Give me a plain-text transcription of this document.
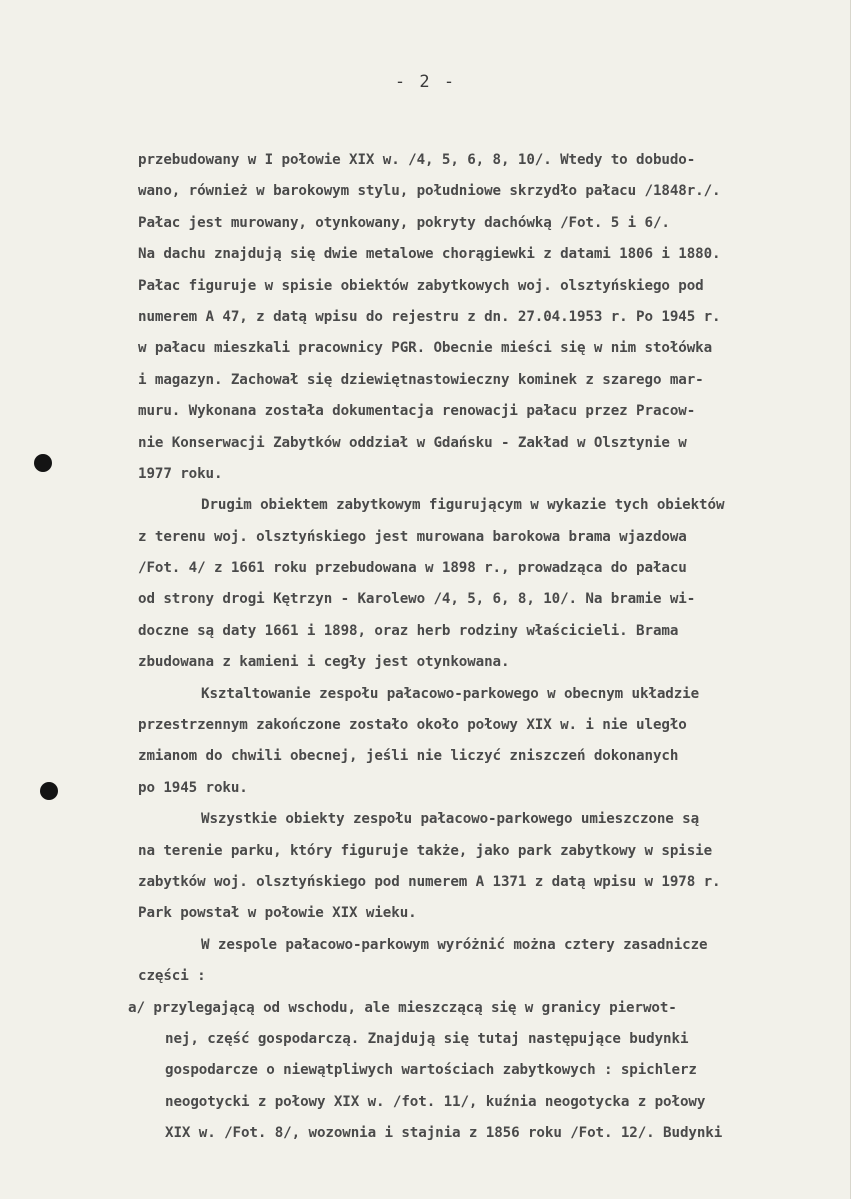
- 2 -
przebudowany w I połowie XIX w. /4, 5, 6, 8, 10/. Wtedy to dobudo-
wano, również w barokowym stylu, południowe skrzydło pałacu /1848r./.
Pałac jest murowany, otynkowany, pokryty dachówką /Fot. 5 i 6/.
Na dachu znajdują się dwie metalowe chorągiewki z datami 1806 i 1880.
Pałac figuruje w spisie obiektów zabytkowych woj. olsztyńskiego pod
numerem A 47, z datą wpisu do rejestru z dn. 27.04.1953 r. Po 1945 r.
w pałacu mieszkali pracownicy PGR. Obecnie mieści się w nim stołówka
i magazyn. Zachował się dziewiętnastowieczny kominek z szarego mar-
muru. Wykonana została dokumentacja renowacji pałacu przez Pracow-
nie Konserwacji Zabytków oddział w Gdańsku - Zakład w Olsztynie w
1977 roku.
Drugim obiektem zabytkowym figurującym w wykazie tych obiektów
z terenu woj. olsztyńskiego jest murowana barokowa brama wjazdowa
/Fot. 4/ z 1661 roku przebudowana w 1898 r., prowadząca do pałacu
od strony drogi Kętrzyn - Karolewo /4, 5, 6, 8, 10/. Na bramie wi-
doczne są daty 1661 i 1898, oraz herb rodziny właścicieli. Brama
zbudowana z kamieni i cegły jest otynkowana.
Ksztaltowanie zespołu pałacowo-parkowego w obecnym układzie
przestrzennym zakończone zostało około połowy XIX w. i nie uległo
zmianom do chwili obecnej, jeśli nie liczyć zniszczeń dokonanych
po 1945 roku.
Wszystkie obiekty zespołu pałacowo-parkowego umieszczone są
na terenie parku, który figuruje także, jako park zabytkowy w spisie
zabytków woj. olsztyńskiego pod numerem A 1371 z datą wpisu w 1978 r.
Park powstał w połowie XIX wieku.
W zespole pałacowo-parkowym wyróżnić można cztery zasadnicze
części :
a/ przylegającą od wschodu, ale mieszczącą się w granicy pierwot-
nej, część gospodarczą. Znajdują się tutaj następujące budynki
gospodarcze o niewątpliwych wartościach zabytkowych : spichlerz
neogotycki z połowy XIX w. /fot. 11/, kuźnia neogotycka z połowy
XIX w. /Fot. 8/, wozownia i stajnia z 1856 roku /Fot. 12/. Budynki
